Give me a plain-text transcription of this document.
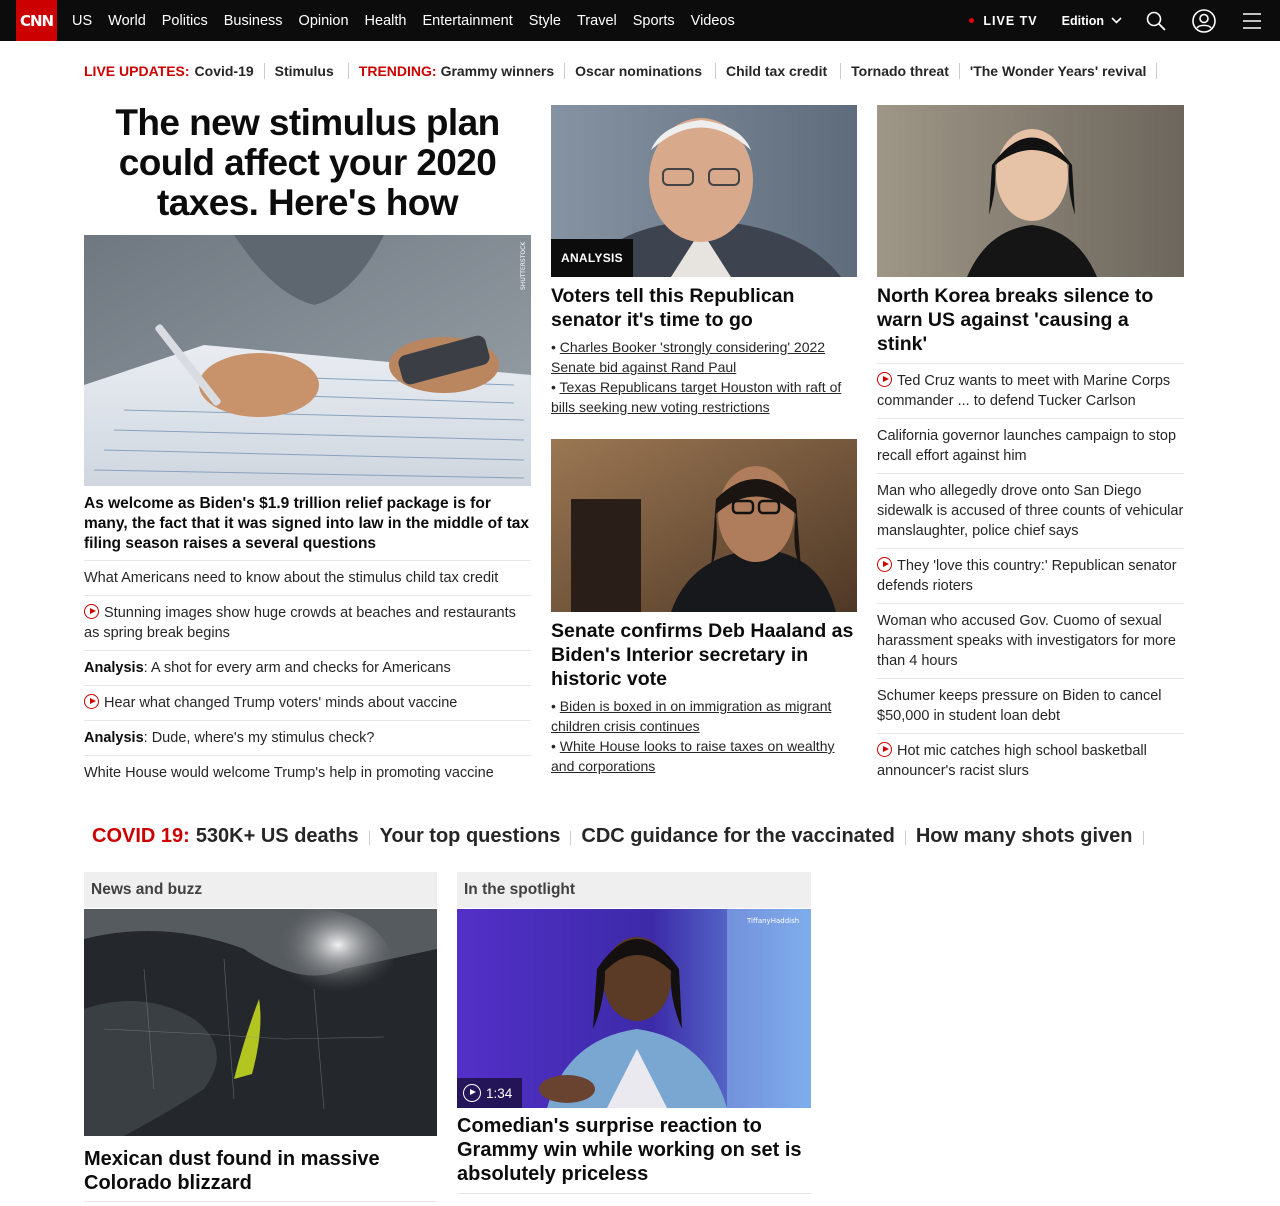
CNN US World Politics Business Opinion Health Entertainment Style Travel Sports Videos	LIVE TV Edition
LIVE UPDATES: Covid-19 Stimulus TRENDING: Grammy winners Oscar nominations Child tax credit Tornado threat 'The Wonder Years' revival
The new stimulus plan could affect your 2020 taxes. Here's how
SHUTTERSTOCK
As welcome as Biden's $1.9 trillion relief package is for many, the fact that it was signed into law in the middle of tax filing season raises a several questions
What Americans need to know about the stimulus child tax credit
Stunning images show huge crowds at beaches and restaurants as spring break begins
Analysis: A shot for every arm and checks for Americans
Hear what changed Trump voters' minds about vaccine
Analysis: Dude, where's my stimulus check?
White House would welcome Trump's help in promoting vaccine
ANALYSIS
Voters tell this Republican senator it's time to go
• Charles Booker 'strongly considering' 2022 Senate bid against Rand Paul
• Texas Republicans target Houston with raft of bills seeking new voting restrictions
Senate confirms Deb Haaland as Biden's Interior secretary in historic vote
• Biden is boxed in on immigration as migrant children crisis continues
• White House looks to raise taxes on wealthy and corporations
North Korea breaks silence to warn US against 'causing a stink'
Ted Cruz wants to meet with Marine Corps commander ... to defend Tucker Carlson
California governor launches campaign to stop recall effort against him
Man who allegedly drove onto San Diego sidewalk is accused of three counts of vehicular manslaughter, police chief says
They 'love this country:' Republican senator defends rioters
Woman who accused Gov. Cuomo of sexual harassment speaks with investigators for more than 4 hours
Schumer keeps pressure on Biden to cancel $50,000 in student loan debt
Hot mic catches high school basketball announcer's racist slurs
COVID 19: 530K+ US deaths Your top questions CDC guidance for the vaccinated How many shots given
News and buzz
Mexican dust found in massive Colorado blizzard
In the spotlight
TiffanyHaddish
1:34
Comedian's surprise reaction to Grammy win while working on set is absolutely priceless
